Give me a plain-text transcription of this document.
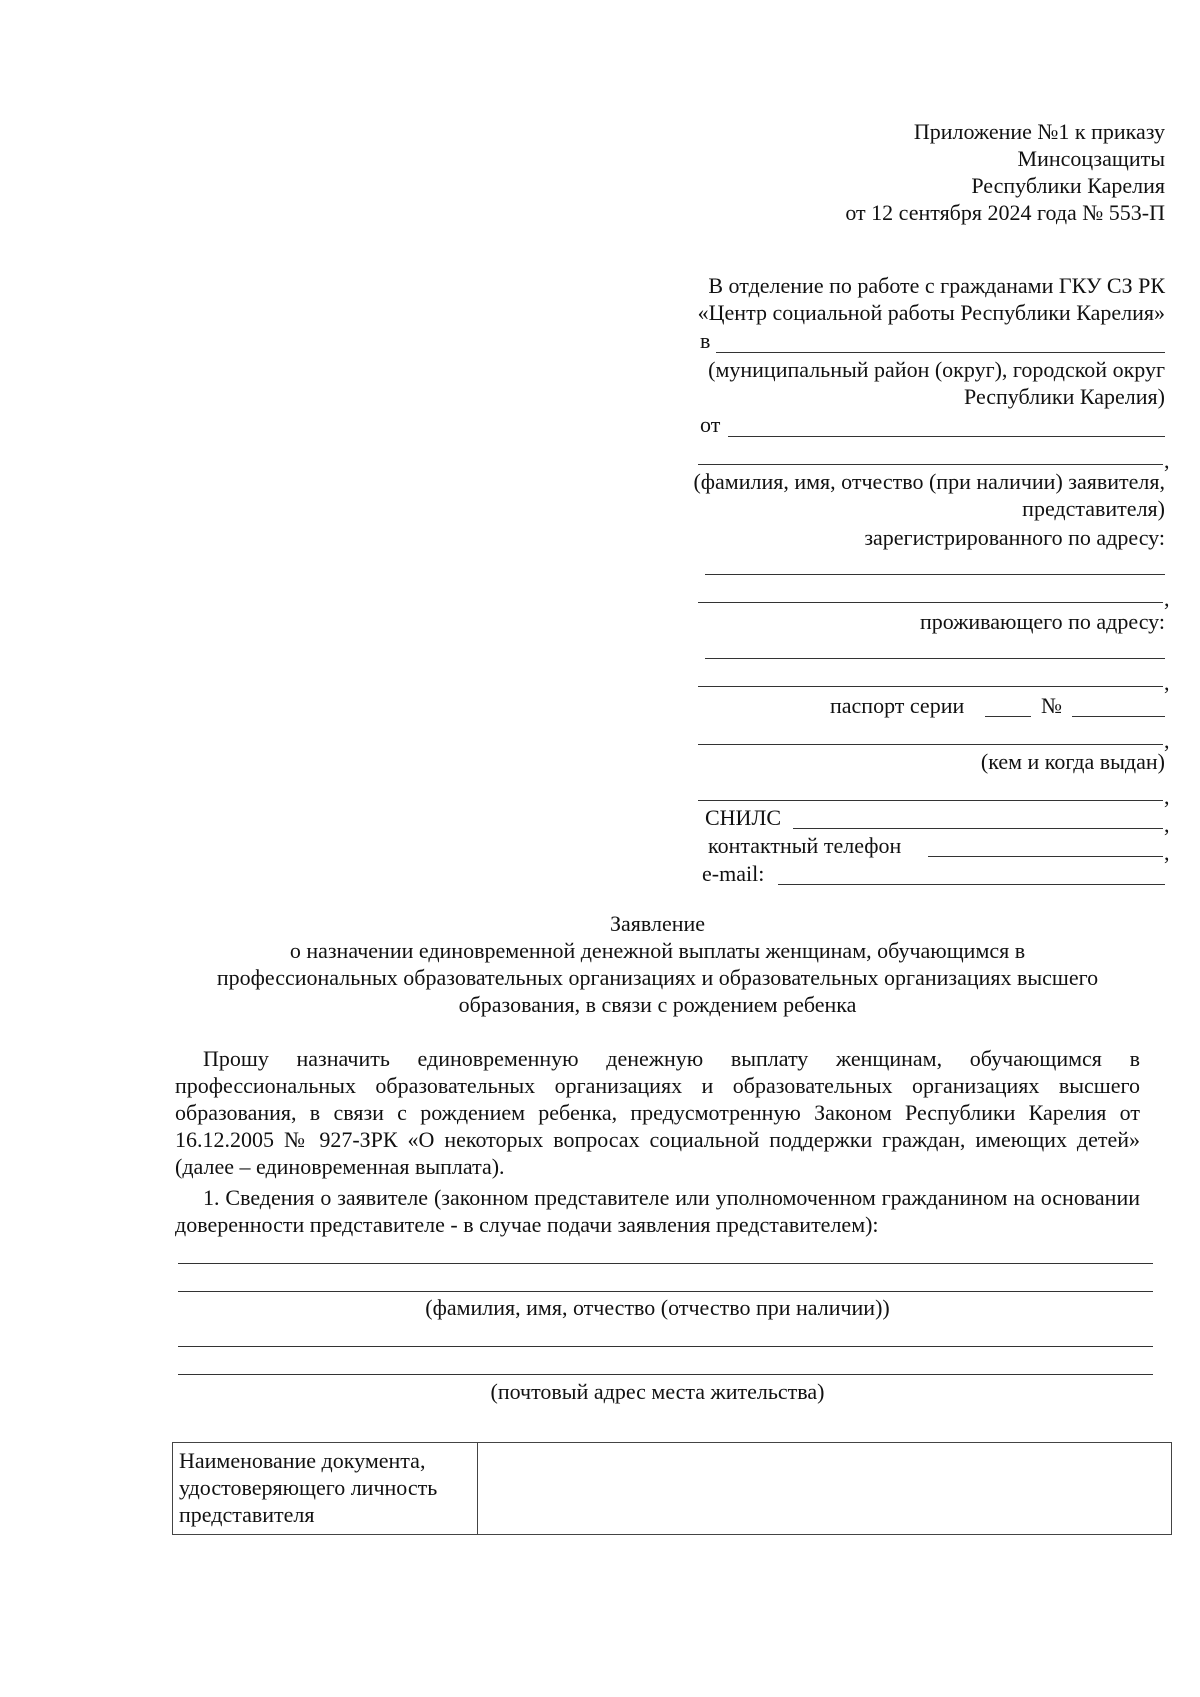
Приложение №1 к приказу
Минсоцзащиты
Республики Карелия
от 12 сентября 2024 года № 553-П
В отделение по работе с гражданами ГКУ СЗ РК
«Центр социальной работы Республики Карелия»
в
(муниципальный район (округ), городской округ
Республики Карелия)
от
,
(фамилия, имя, отчество (при наличии) заявителя,
представителя)
зарегистрированного по адресу:
,
проживающего по адресу:
,
паспорт серии	№
,
(кем и когда выдан)
,
СНИЛС	,
контактный телефон	,
e-mail:
Заявление
о назначении единовременной денежной выплаты женщинам, обучающимся в
профессиональных образовательных организациях и образовательных организациях высшего
образования, в связи с рождением ребенка
Прошу назначить единовременную денежную выплату женщинам, обучающимся в профессиональных образовательных организациях и образовательных организациях высшего образования, в связи с рождением ребенка, предусмотренную Законом Республики Карелия от 16.12.2005 № 927-ЗРК «О некоторых вопросах социальной поддержки граждан, имеющих детей» (далее – единовременная выплата).
1. Сведения о заявителе (законном представителе или уполномоченном гражданином на основании доверенности представителе - в случае подачи заявления представителем):
(фамилия, имя, отчество (отчество при наличии))
(почтовый адрес места жительства)
Наименование документа, удостоверяющего личность представителя	
